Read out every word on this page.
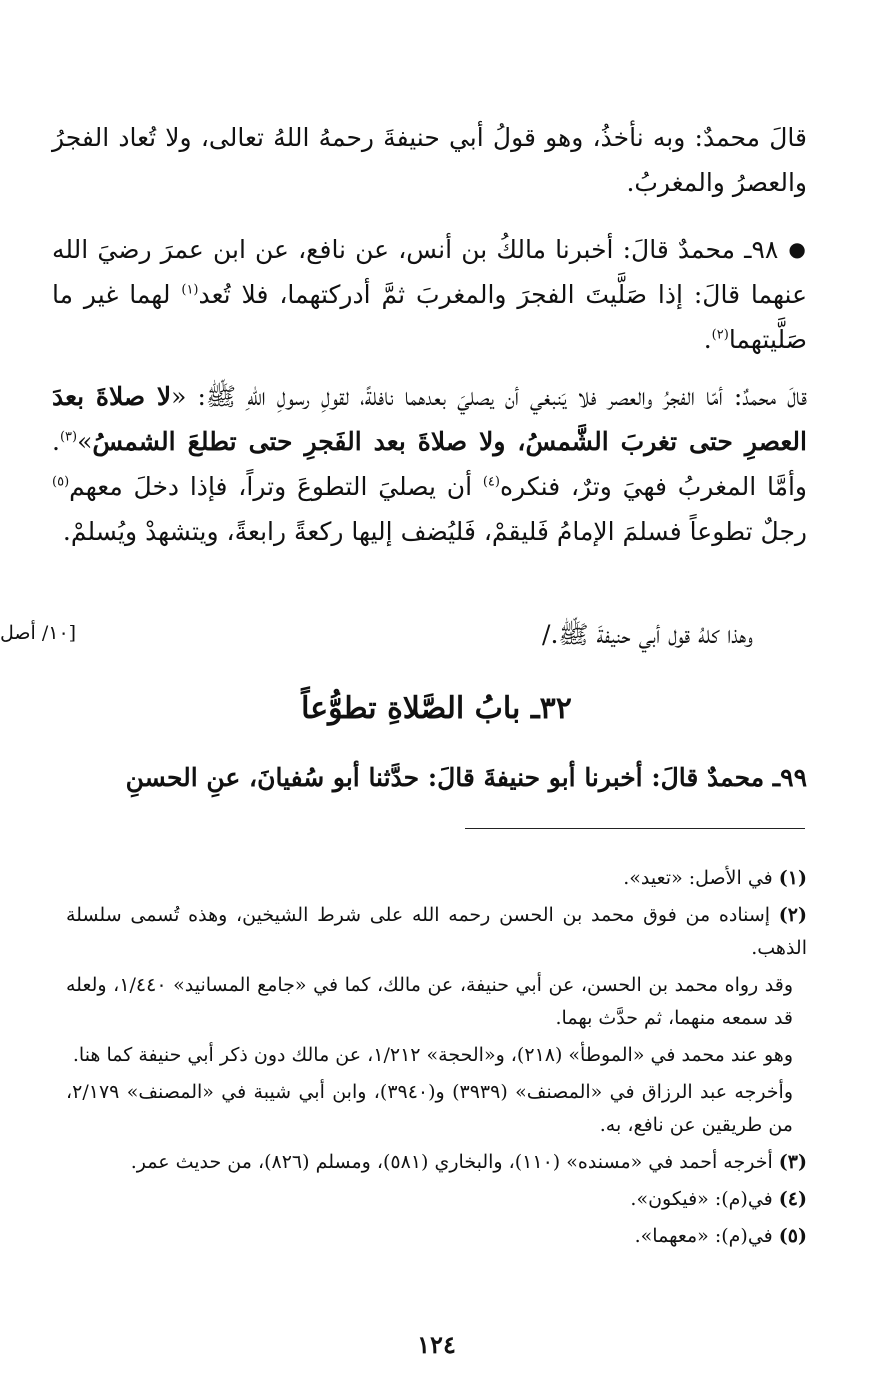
قالَ محمدٌ: وبه نأخذُ، وهو قولُ أبي حنيفةَ رحمهُ اللهُ تعالى، ولا تُعاد الفجرُ والعصرُ والمغربُ.
●٩٨ـ محمدٌ قالَ: أخبرنا مالكُ بن أنس، عن نافع، عن ابن عمرَ رضيَ الله عنهما قالَ: إذا صَلَّيتَ الفجرَ والمغربَ ثمَّ أدركتهما، فلا تُعد$^{(١)}$ لهما غير ما صَلَّيتهما$^{(٢)}$.
قالَ محمدٌ: أمّا الفجرُ والعصر فلا يَنبغي أن يصليَ بعدهما نافلةً، لقولِ رسولِ اللهِ ﷺ: «لا صلاةَ بعدَ العصرِ حتى تغربَ الشَّمسُ، ولا صلاةَ بعد الفَجرِ حتى تطلعَ الشمسُ»$^{(٣)}$. وأمَّا المغربُ فهيَ وترٌ، فنكره$^{(٤)}$ أن يصليَ التطوعَ وتراً، فإذا دخلَ معهم$^{(٥)}$ رجلٌ تطوعاً فسلمَ الإمامُ فَليقمْ، فَليُضف إليها ركعةً رابعةً، ويتشهدْ ويُسلمْ.
وهذا كلهُ قول أبي حنيفةَ ﷺ./
[١٠/ أصل
٣٢ـ بابُ الصَّلاةِ تطوُّعاً
٩٩ـ محمدٌ قالَ: أخبرنا أبو حنيفةَ قالَ: حدَّثنا أبو سُفيانَ، عنِ الحسنِ
(١) في الأصل: «تعيد».
(٢) إسناده من فوق محمد بن الحسن رحمه الله على شرط الشيخين، وهذه تُسمى سلسلة الذهب.
وقد رواه محمد بن الحسن، عن أبي حنيفة، عن مالك، كما في «جامع المسانيد» ١/٤٤٠، ولعله قد سمعه منهما، ثم حدَّث بهما.
وهو عند محمد في «الموطأ» (٢١٨)، و«الحجة» ١/٢١٢، عن مالك دون ذكر أبي حنيفة كما هنا.
وأخرجه عبد الرزاق في «المصنف» (٣٩٣٩) و(٣٩٤٠)، وابن أبي شيبة في «المصنف» ٢/١٧٩، من طريقين عن نافع، به.
(٣) أخرجه أحمد في «مسنده» (١١٠)، والبخاري (٥٨١)، ومسلم (٨٢٦)، من حديث عمر.
(٤) في(م): «فيكون».
(٥) في(م): «معهما».
١٢٤
